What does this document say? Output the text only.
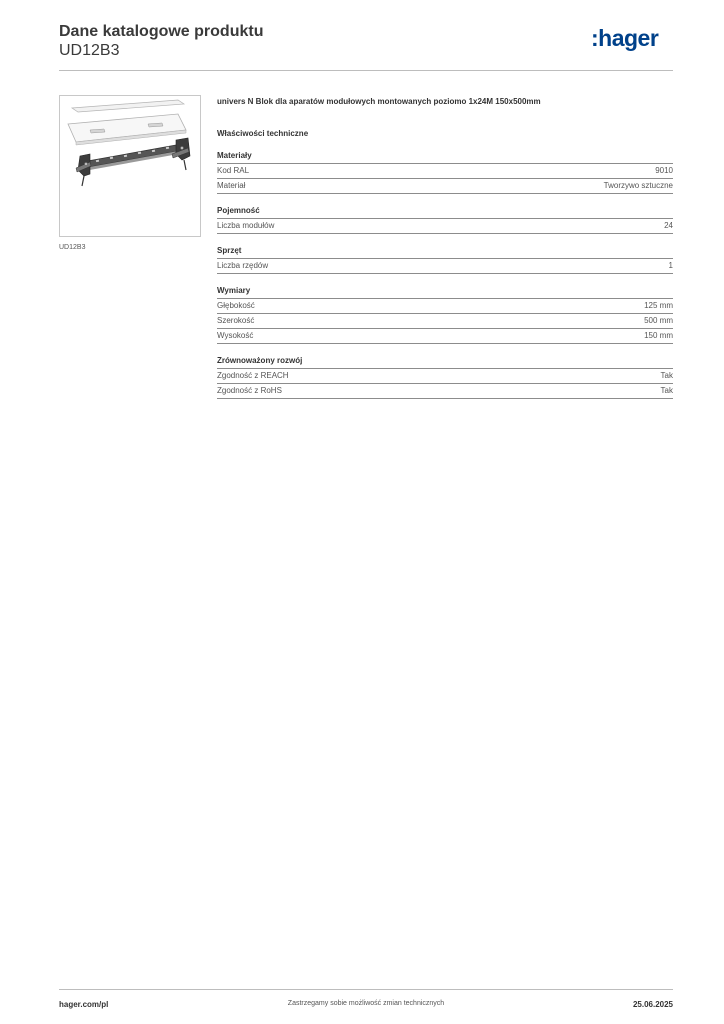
Dane katalogowe produktu
UD12B3	:hager
UD12B3
univers N Blok dla aparatów modułowych montowanych poziomo 1x24M 150x500mm
Właściwości techniczne
Materiały
Kod RAL	9010
Materiał	Tworzywo sztuczne
Pojemność
Liczba modułów	24
Sprzęt
Liczba rzędów	1
Wymiary
Głębokość	125 mm
Szerokość	500 mm
Wysokość	150 mm
Zrównoważony rozwój
Zgodność z REACH	Tak
Zgodność z RoHS	Tak
hager.com/pl	Zastrzegamy sobie możliwość zmian technicznych	25.06.2025
